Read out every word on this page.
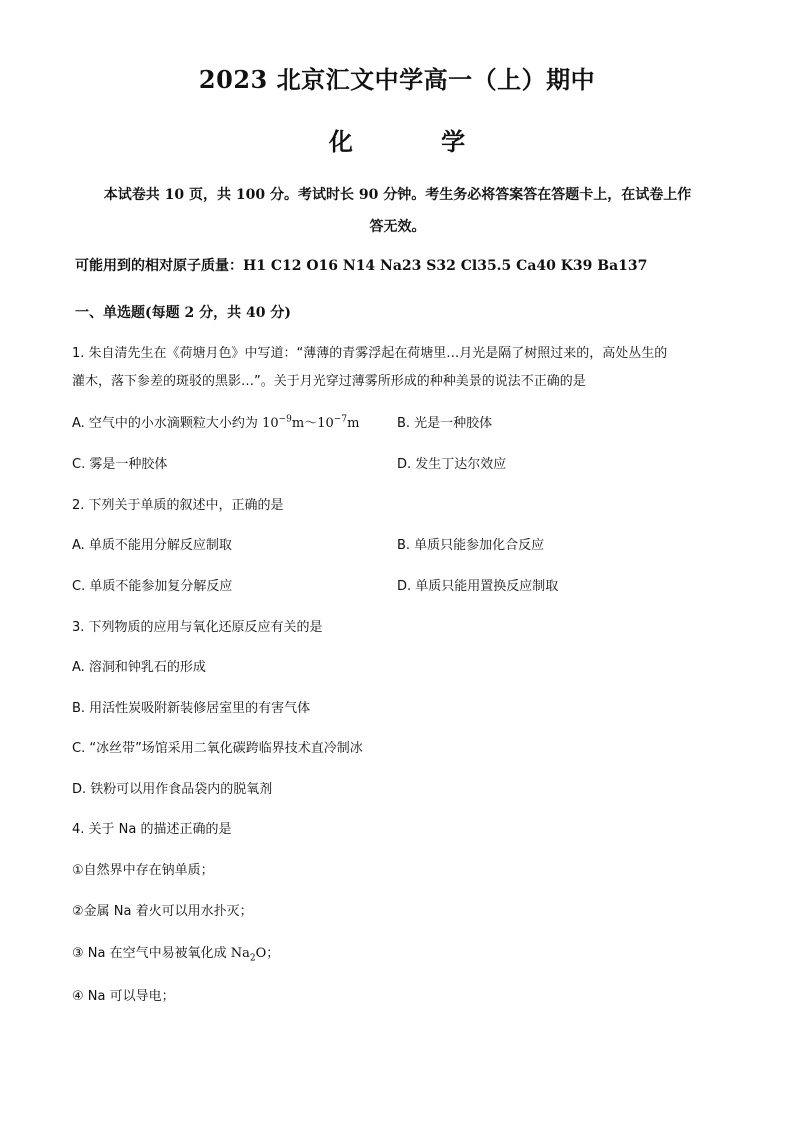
2023 北京汇文中学高一（上）期中
化 学
本试卷共 10 页，共 100 分。考试时长 90 分钟。考生务必将答案答在答题卡上，在试卷上作
答无效。
可能用到的相对原子质量：H1 C12 O16 N14 Na23 S32 Cl35.5 Ca40 K39 Ba137
一、单选题(每题 2 分，共 40 分)
1. 朱自清先生在《荷塘月色》中写道：“薄薄的青雾浮起在荷塘里…月光是隔了树照过来的，高处丛生的
灌木，落下参差的斑驳的黑影…”。关于月光穿过薄雾所形成的种种美景的说法不正确的是
A. 空气中的小水滴颗粒大小约为 $10^{-9}m\sim 10^{-7}m$	B. 光是一种胶体
C. 雾是一种胶体	D. 发生丁达尔效应
2. 下列关于单质的叙述中，正确的是
A. 单质不能用分解反应制取	B. 单质只能参加化合反应
C. 单质不能参加复分解反应	D. 单质只能用置换反应制取
3. 下列物质的应用与氧化还原反应有关的是
A. 溶洞和钟乳石的形成
B. 用活性炭吸附新装修居室里的有害气体
C. “冰丝带”场馆采用二氧化碳跨临界技术直冷制冰
D. 铁粉可以用作食品袋内的脱氧剂
4. 关于 Na 的描述正确的是
①自然界中存在钠单质；
②金属 Na 着火可以用水扑灭；
③ Na 在空气中易被氧化成 $Na_2O$；
④ Na 可以导电；
